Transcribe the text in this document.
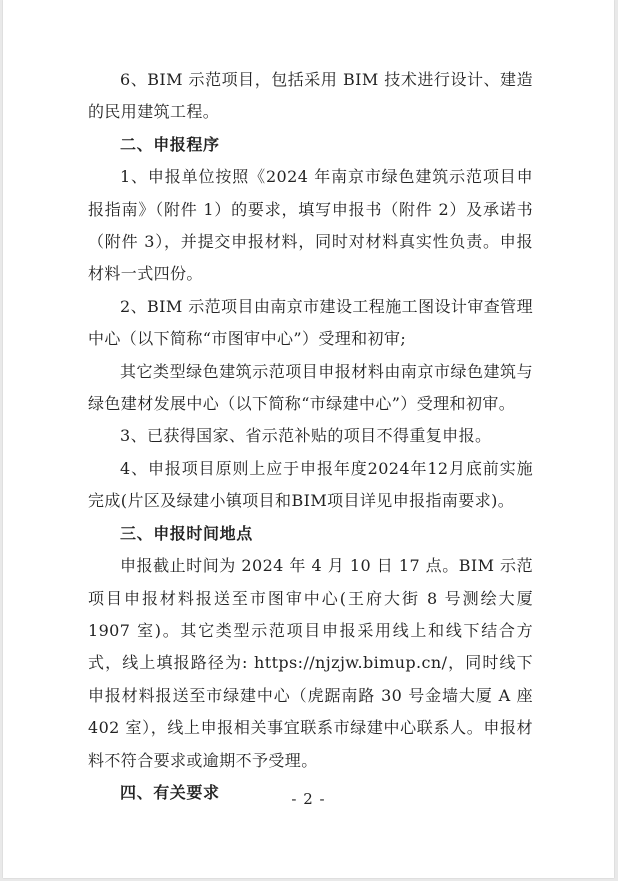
6、BIM 示范项目，包括采用 BIM 技术进行设计、建造的民用建筑工程。

二、申报程序

1、申报单位按照《2024 年南京市绿色建筑示范项目申报指南》（附件 1）的要求，填写申报书（附件 2）及承诺书（附件 3），并提交申报材料，同时对材料真实性负责。申报材料一式四份。

2、BIM 示范项目由南京市建设工程施工图设计审查管理中心（以下简称“市图审中心”）受理和初审;

其它类型绿色建筑示范项目申报材料由南京市绿色建筑与绿色建材发展中心（以下简称“市绿建中心”）受理和初审。

3、已获得国家、省示范补贴的项目不得重复申报。

4、申报项目原则上应于申报年度2024年12月底前实施完成(片区及绿建小镇项目和BIM项目详见申报指南要求)。

三、申报时间地点

申报截止时间为 2024 年 4 月 10 日 17 点。BIM 示范项目申报材料报送至市图审中心(王府大街 8 号测绘大厦 1907 室)。其它类型示范项目申报采用线上和线下结合方式，线上填报路径为: https://njzjw.bimup.cn/，同时线下申报材料报送至市绿建中心（虎踞南路 30 号金墙大厦 A 座 402 室），线上申报相关事宜联系市绿建中心联系人。申报材料不符合要求或逾期不予受理。

四、有关要求	- 2 -
